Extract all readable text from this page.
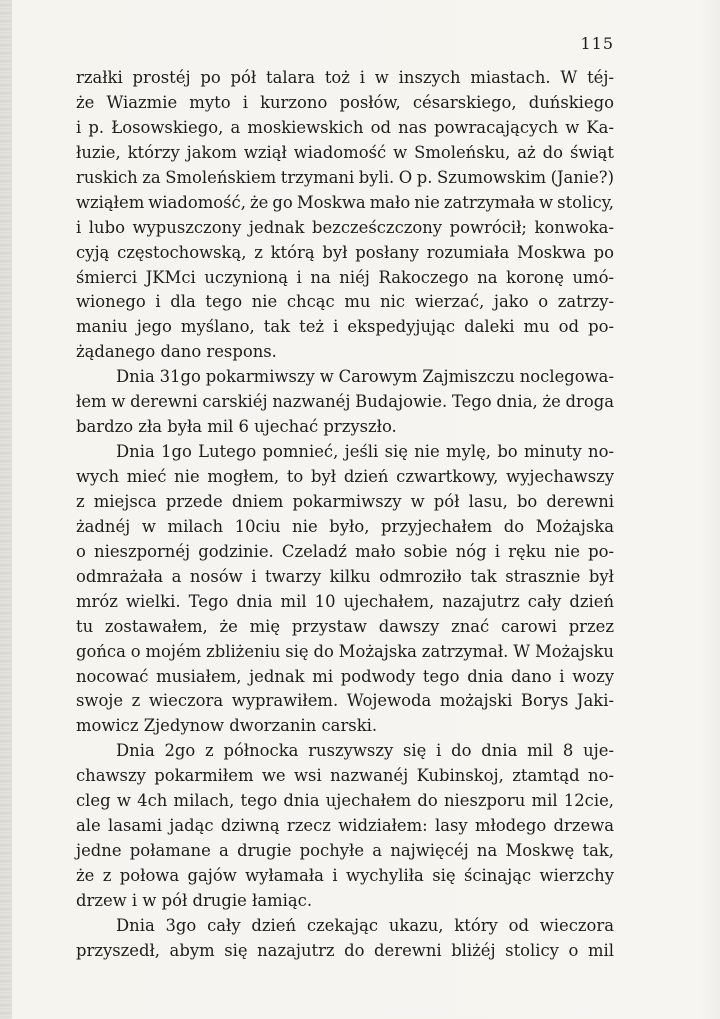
115
rzałki prostéj po pół talara toż i w inszych miastach. W téj-
że Wiazmie myto i kurzono posłów, césarskiego, duńskiego
i p. Łosowskiego, a moskiewskich od nas powracających w Ka-
łuzie, którzy jakom wziął wiadomość w Smoleńsku, aż do świąt
ruskich za Smoleńskiem trzymani byli. O p. Szumowskim (Janie?)
wziąłem wiadomość, że go Moskwa mało nie zatrzymała w stolicy,
i lubo wypuszczony jednak bezcześczczony powrócił; konwoka-
cyją częstochowską, z którą był posłany rozumiała Moskwa po
śmierci JKMci uczynioną i na niéj Rakoczego na koronę umó-
wionego i dla tego nie chcąc mu nic wierzać, jako o zatrzy-
maniu jego myślano, tak też i ekspedyjując daleki mu od po-
żądanego dano respons.
Dnia 31go pokarmiwszy w Carowym Zajmiszczu noclegowa-
łem w derewni carskiéj nazwanéj Budajowie. Tego dnia, że droga
bardzo zła była mil 6 ujechać przyszło.
Dnia 1go Lutego pomnieć, jeśli się nie mylę, bo minuty no-
wych mieć nie mogłem, to był dzień czwartkowy, wyjechawszy
z miejsca przede dniem pokarmiwszy w pół lasu, bo derewni
żadnéj w milach 10ciu nie było, przyjechałem do Możajska
o nieszpornéj godzinie. Czeladź mało sobie nóg i ręku nie po-
odmrażała a nosów i twarzy kilku odmroziło tak strasznie był
mróz wielki. Tego dnia mil 10 ujechałem, nazajutrz cały dzień
tu zostawałem, że mię przystaw dawszy znać carowi przez
gońca o mojém zbliżeniu się do Możajska zatrzymał. W Możajsku
nocować musiałem, jednak mi podwody tego dnia dano i wozy
swoje z wieczora wyprawiłem. Wojewoda możajski Borys Jaki-
mowicz Zjedynow dworzanin carski.
Dnia 2go z północka ruszywszy się i do dnia mil 8 uje-
chawszy pokarmiłem we wsi nazwanéj Kubinskoj, ztamtąd no-
cleg w 4ch milach, tego dnia ujechałem do nieszporu mil 12cie,
ale lasami jadąc dziwną rzecz widziałem: lasy młodego drzewa
jedne połamane a drugie pochyłe a najwięcéj na Moskwę tak,
że z połowa gajów wyłamała i wychyliła się ścinając wierzchy
drzew i w pół drugie łamiąc.
Dnia 3go cały dzień czekając ukazu, który od wieczora
przyszedł, abym się nazajutrz do derewni bliżéj stolicy o mil
